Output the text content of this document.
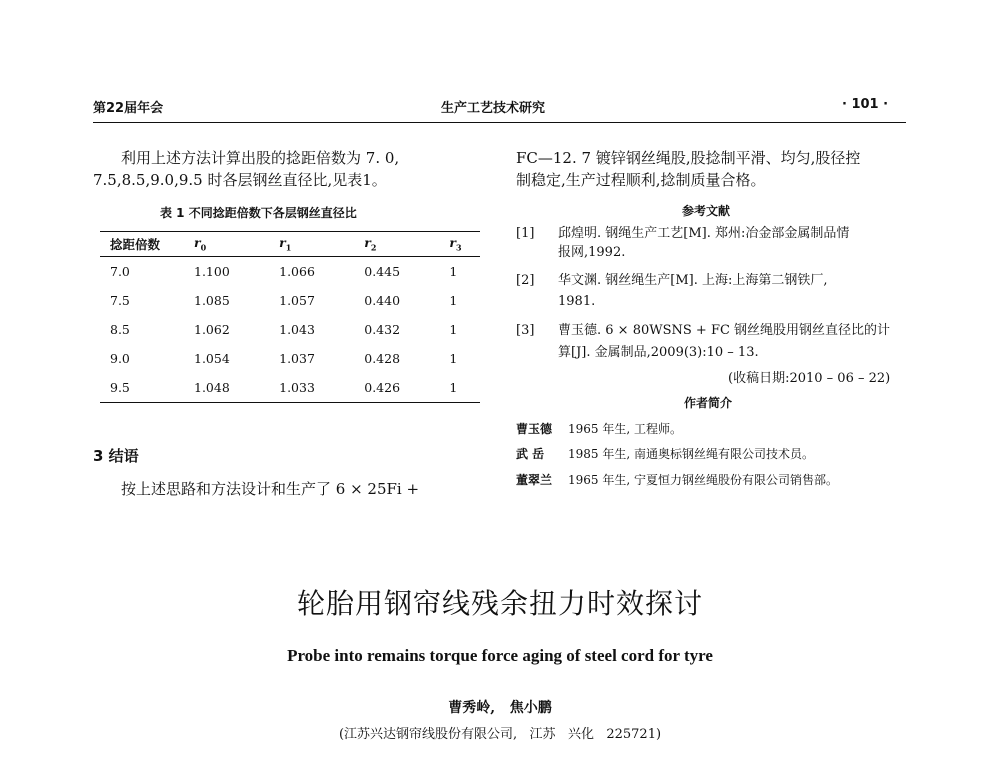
第22届年会	生产工艺技术研究	· 101 ·
利用上述方法计算出股的捻距倍数为 7. 0,
7.5,8.5,9.0,9.5 时各层钢丝直径比,见表1。
表 1 不同捻距倍数下各层钢丝直径比
捻距倍数	$r_0$	$r_1$	$r_2$	$r_3$
7.0	1.100	1.066	0.445	1
7.5	1.085	1.057	0.440	1
8.5	1.062	1.043	0.432	1
9.0	1.054	1.037	0.428	1
9.5	1.048	1.033	0.426	1
3 结语
按上述思路和方法设计和生产了 6 × 25Fi +
FC—12. 7 镀锌钢丝绳股,股捻制平滑、均匀,股径控
制稳定,生产过程顺利,捻制质量合格。
参考文献
[1] 邱煌明. 钢绳生产工艺[M]. 郑州:冶金部金属制品情
报网,1992.
[2] 华文渊. 钢丝绳生产[M]. 上海:上海第二钢铁厂,
1981.
[3] 曹玉德. 6 × 80WSNS + FC 钢丝绳股用钢丝直径比的计
算[J]. 金属制品,2009(3):10 – 13.
(收稿日期:2010 – 06 – 22)
作者简介
曹玉德 1965 年生, 工程师。
武 岳 1985 年生, 南通奥标钢丝绳有限公司技术员。
董翠兰 1965 年生, 宁夏恒力钢丝绳股份有限公司销售部。
轮胎用钢帘线残余扭力时效探讨
Probe into remains torque force aging of steel cord for tyre
曹秀岭,   焦小鹏
(江苏兴达钢帘线股份有限公司,   江苏   兴化   225721)
